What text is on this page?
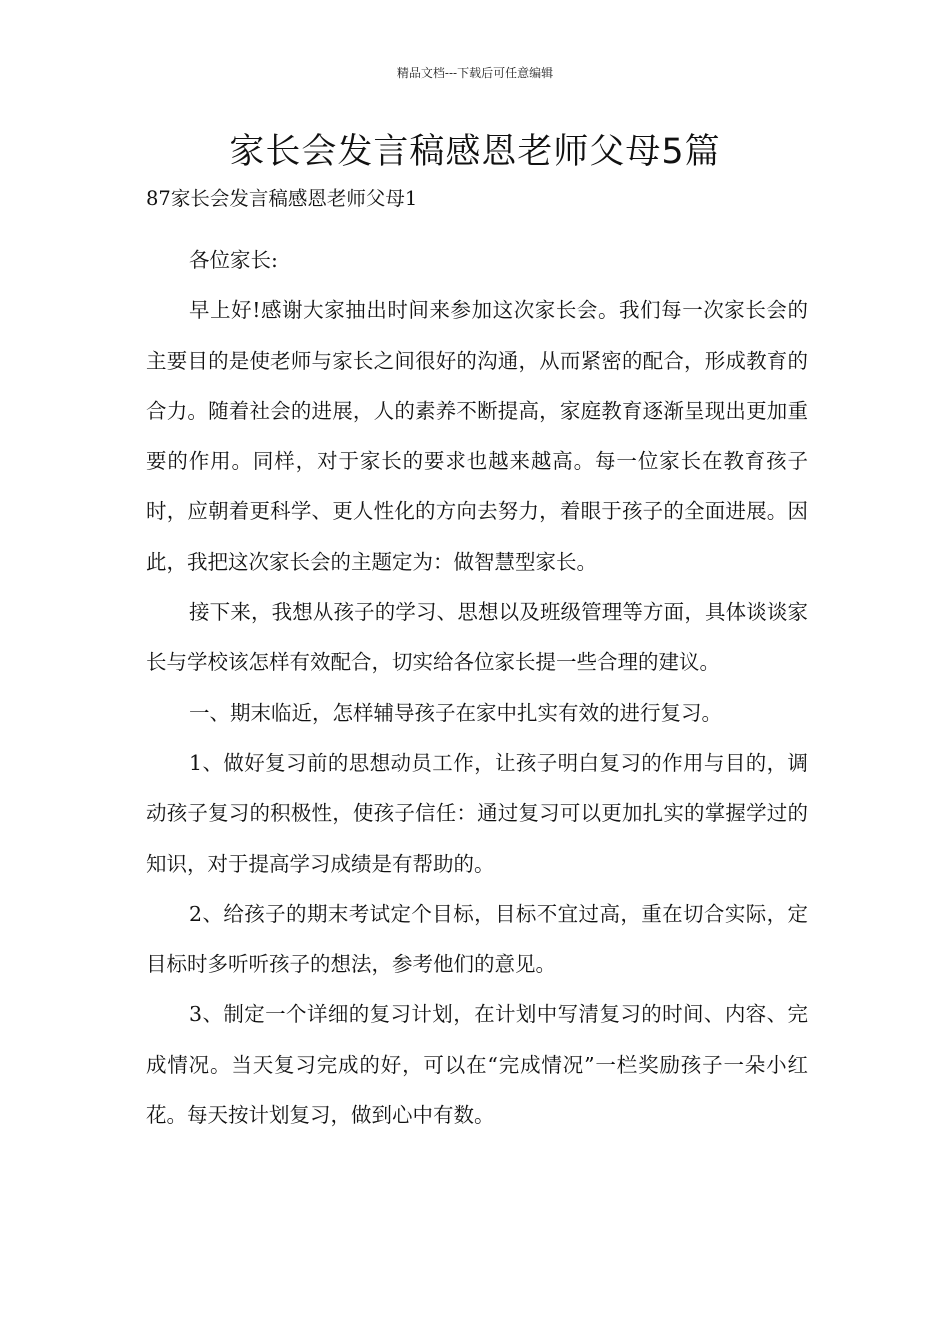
精品文档---下载后可任意编辑
家长会发言稿感恩老师父母5篇
87家长会发言稿感恩老师父母1

各位家长:

早上好!感谢大家抽出时间来参加这次家长会。我们每一次家长会的主要目的是使老师与家长之间很好的沟通，从而紧密的配合，形成教育的合力。随着社会的进展，人的素养不断提高，家庭教育逐渐呈现出更加重要的作用。同样，对于家长的要求也越来越高。每一位家长在教育孩子时，应朝着更科学、更人性化的方向去努力，着眼于孩子的全面进展。因此，我把这次家长会的主题定为：做智慧型家长。

接下来，我想从孩子的学习、思想以及班级管理等方面，具体谈谈家长与学校该怎样有效配合，切实给各位家长提一些合理的建议。

一、期末临近，怎样辅导孩子在家中扎实有效的进行复习。

1、做好复习前的思想动员工作，让孩子明白复习的作用与目的，调动孩子复习的积极性，使孩子信任：通过复习可以更加扎实的掌握学过的知识，对于提高学习成绩是有帮助的。

2、给孩子的期末考试定个目标，目标不宜过高，重在切合实际，定目标时多听听孩子的想法，参考他们的意见。

3、制定一个详细的复习计划，在计划中写清复习的时间、内容、完成情况。当天复习完成的好，可以在“完成情况”一栏奖励孩子一朵小红花。每天按计划复习，做到心中有数。
